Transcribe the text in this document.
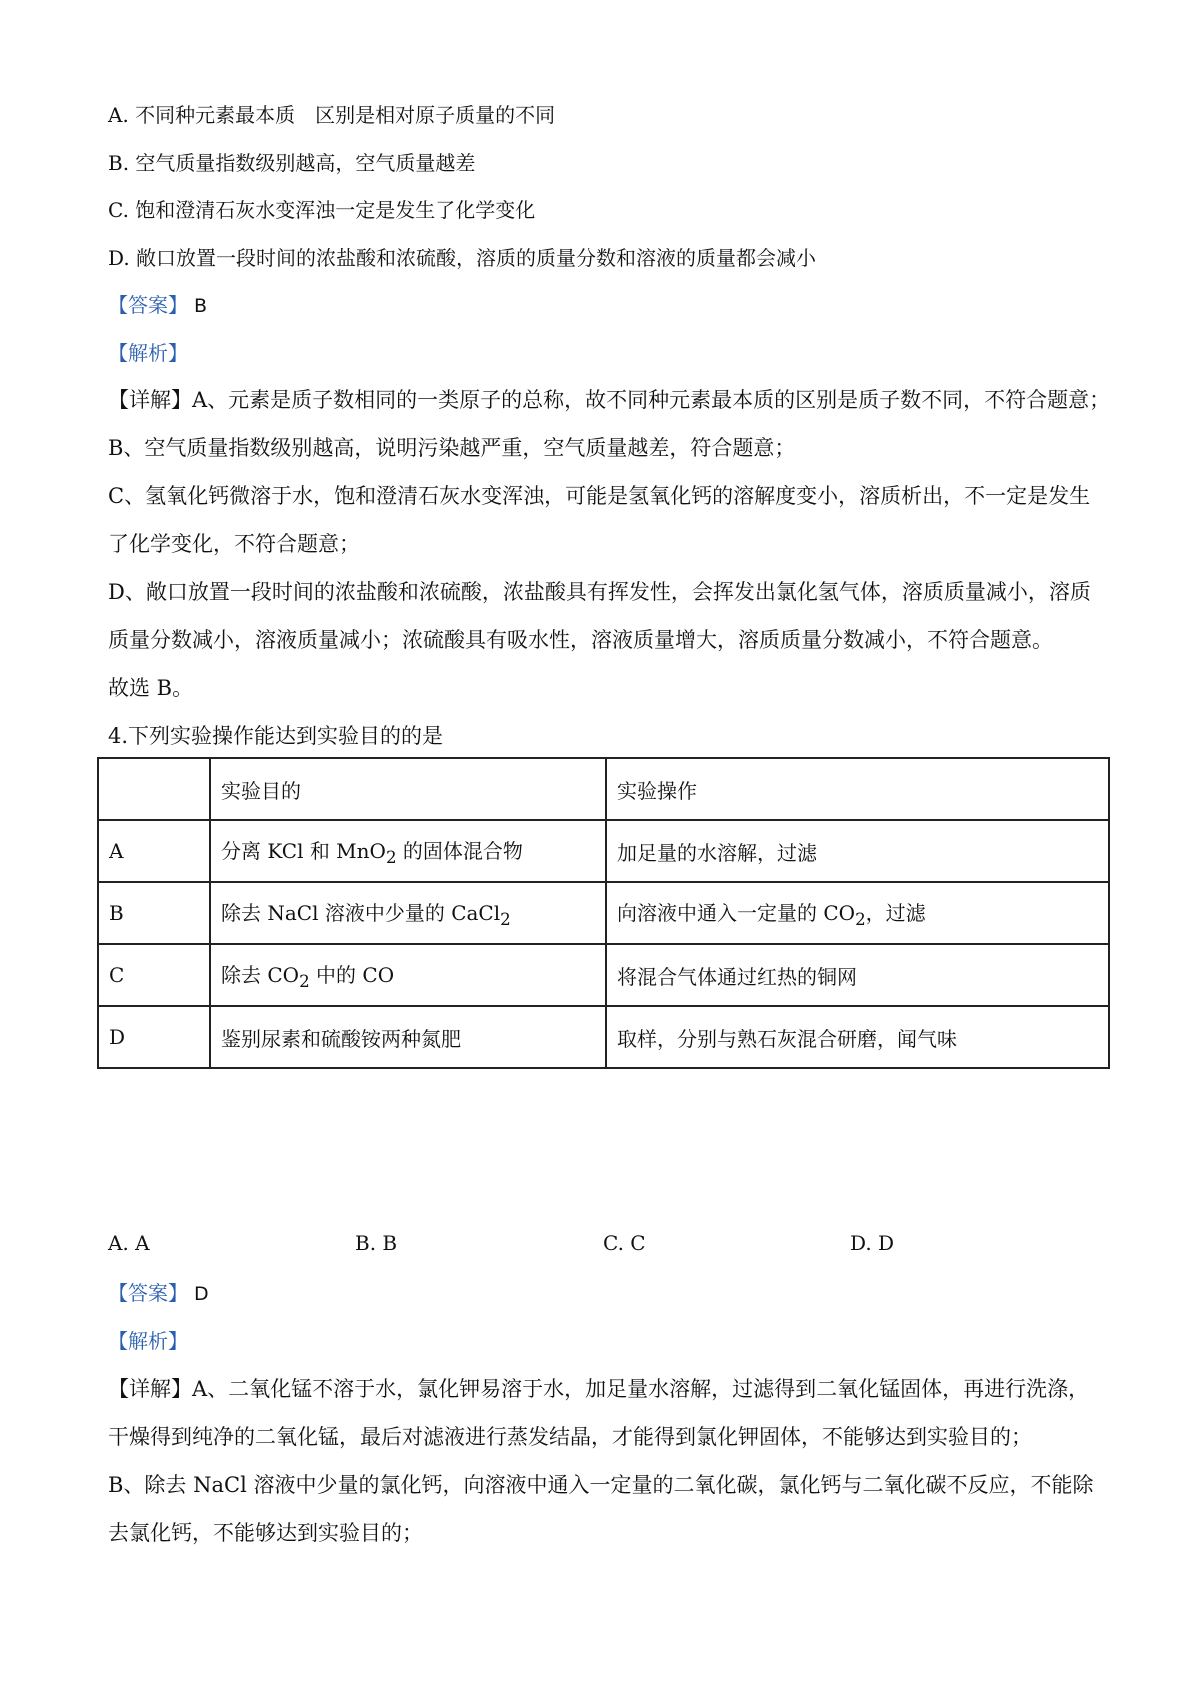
A. 不同种元素最本质　区别是相对原子质量的不同
B. 空气质量指数级别越高，空气质量越差
C. 饱和澄清石灰水变浑浊一定是发生了化学变化
D. 敞口放置一段时间的浓盐酸和浓硫酸，溶质的质量分数和溶液的质量都会减小
【答案】 B
【解析】
【详解】A、元素是质子数相同的一类原子的总称，故不同种元素最本质的区别是质子数不同，不符合题意；
B、空气质量指数级别越高，说明污染越严重，空气质量越差，符合题意；
C、氢氧化钙微溶于水，饱和澄清石灰水变浑浊，可能是氢氧化钙的溶解度变小，溶质析出，不一定是发生
了化学变化，不符合题意；
D、敞口放置一段时间的浓盐酸和浓硫酸，浓盐酸具有挥发性，会挥发出氯化氢气体，溶质质量减小，溶质
质量分数减小，溶液质量减小；浓硫酸具有吸水性，溶液质量增大，溶质质量分数减小，不符合题意。
故选 B。
4.下列实验操作能达到实验目的的是
	实验目的	实验操作
A	分离 KCl 和 MnO$_2$ 的固体混合物	加足量的水溶解，过滤
B	除去 NaCl 溶液中少量的 CaCl$_2$	向溶液中通入一定量的 $CO_2$，过滤
C	除去 $CO_2$ 中的 CO	将混合气体通过红热的铜网
D	鉴别尿素和硫酸铵两种氮肥	取样，分别与熟石灰混合研磨，闻气味
A. A	B. B	C. C	D. D
【答案】 D
【解析】
【详解】A、二氧化锰不溶于水，氯化钾易溶于水，加足量水溶解，过滤得到二氧化锰固体，再进行洗涤，
干燥得到纯净的二氧化锰，最后对滤液进行蒸发结晶，才能得到氯化钾固体，不能够达到实验目的；
B、除去 NaCl 溶液中少量的氯化钙，向溶液中通入一定量的二氧化碳，氯化钙与二氧化碳不反应，不能除
去氯化钙，不能够达到实验目的；
